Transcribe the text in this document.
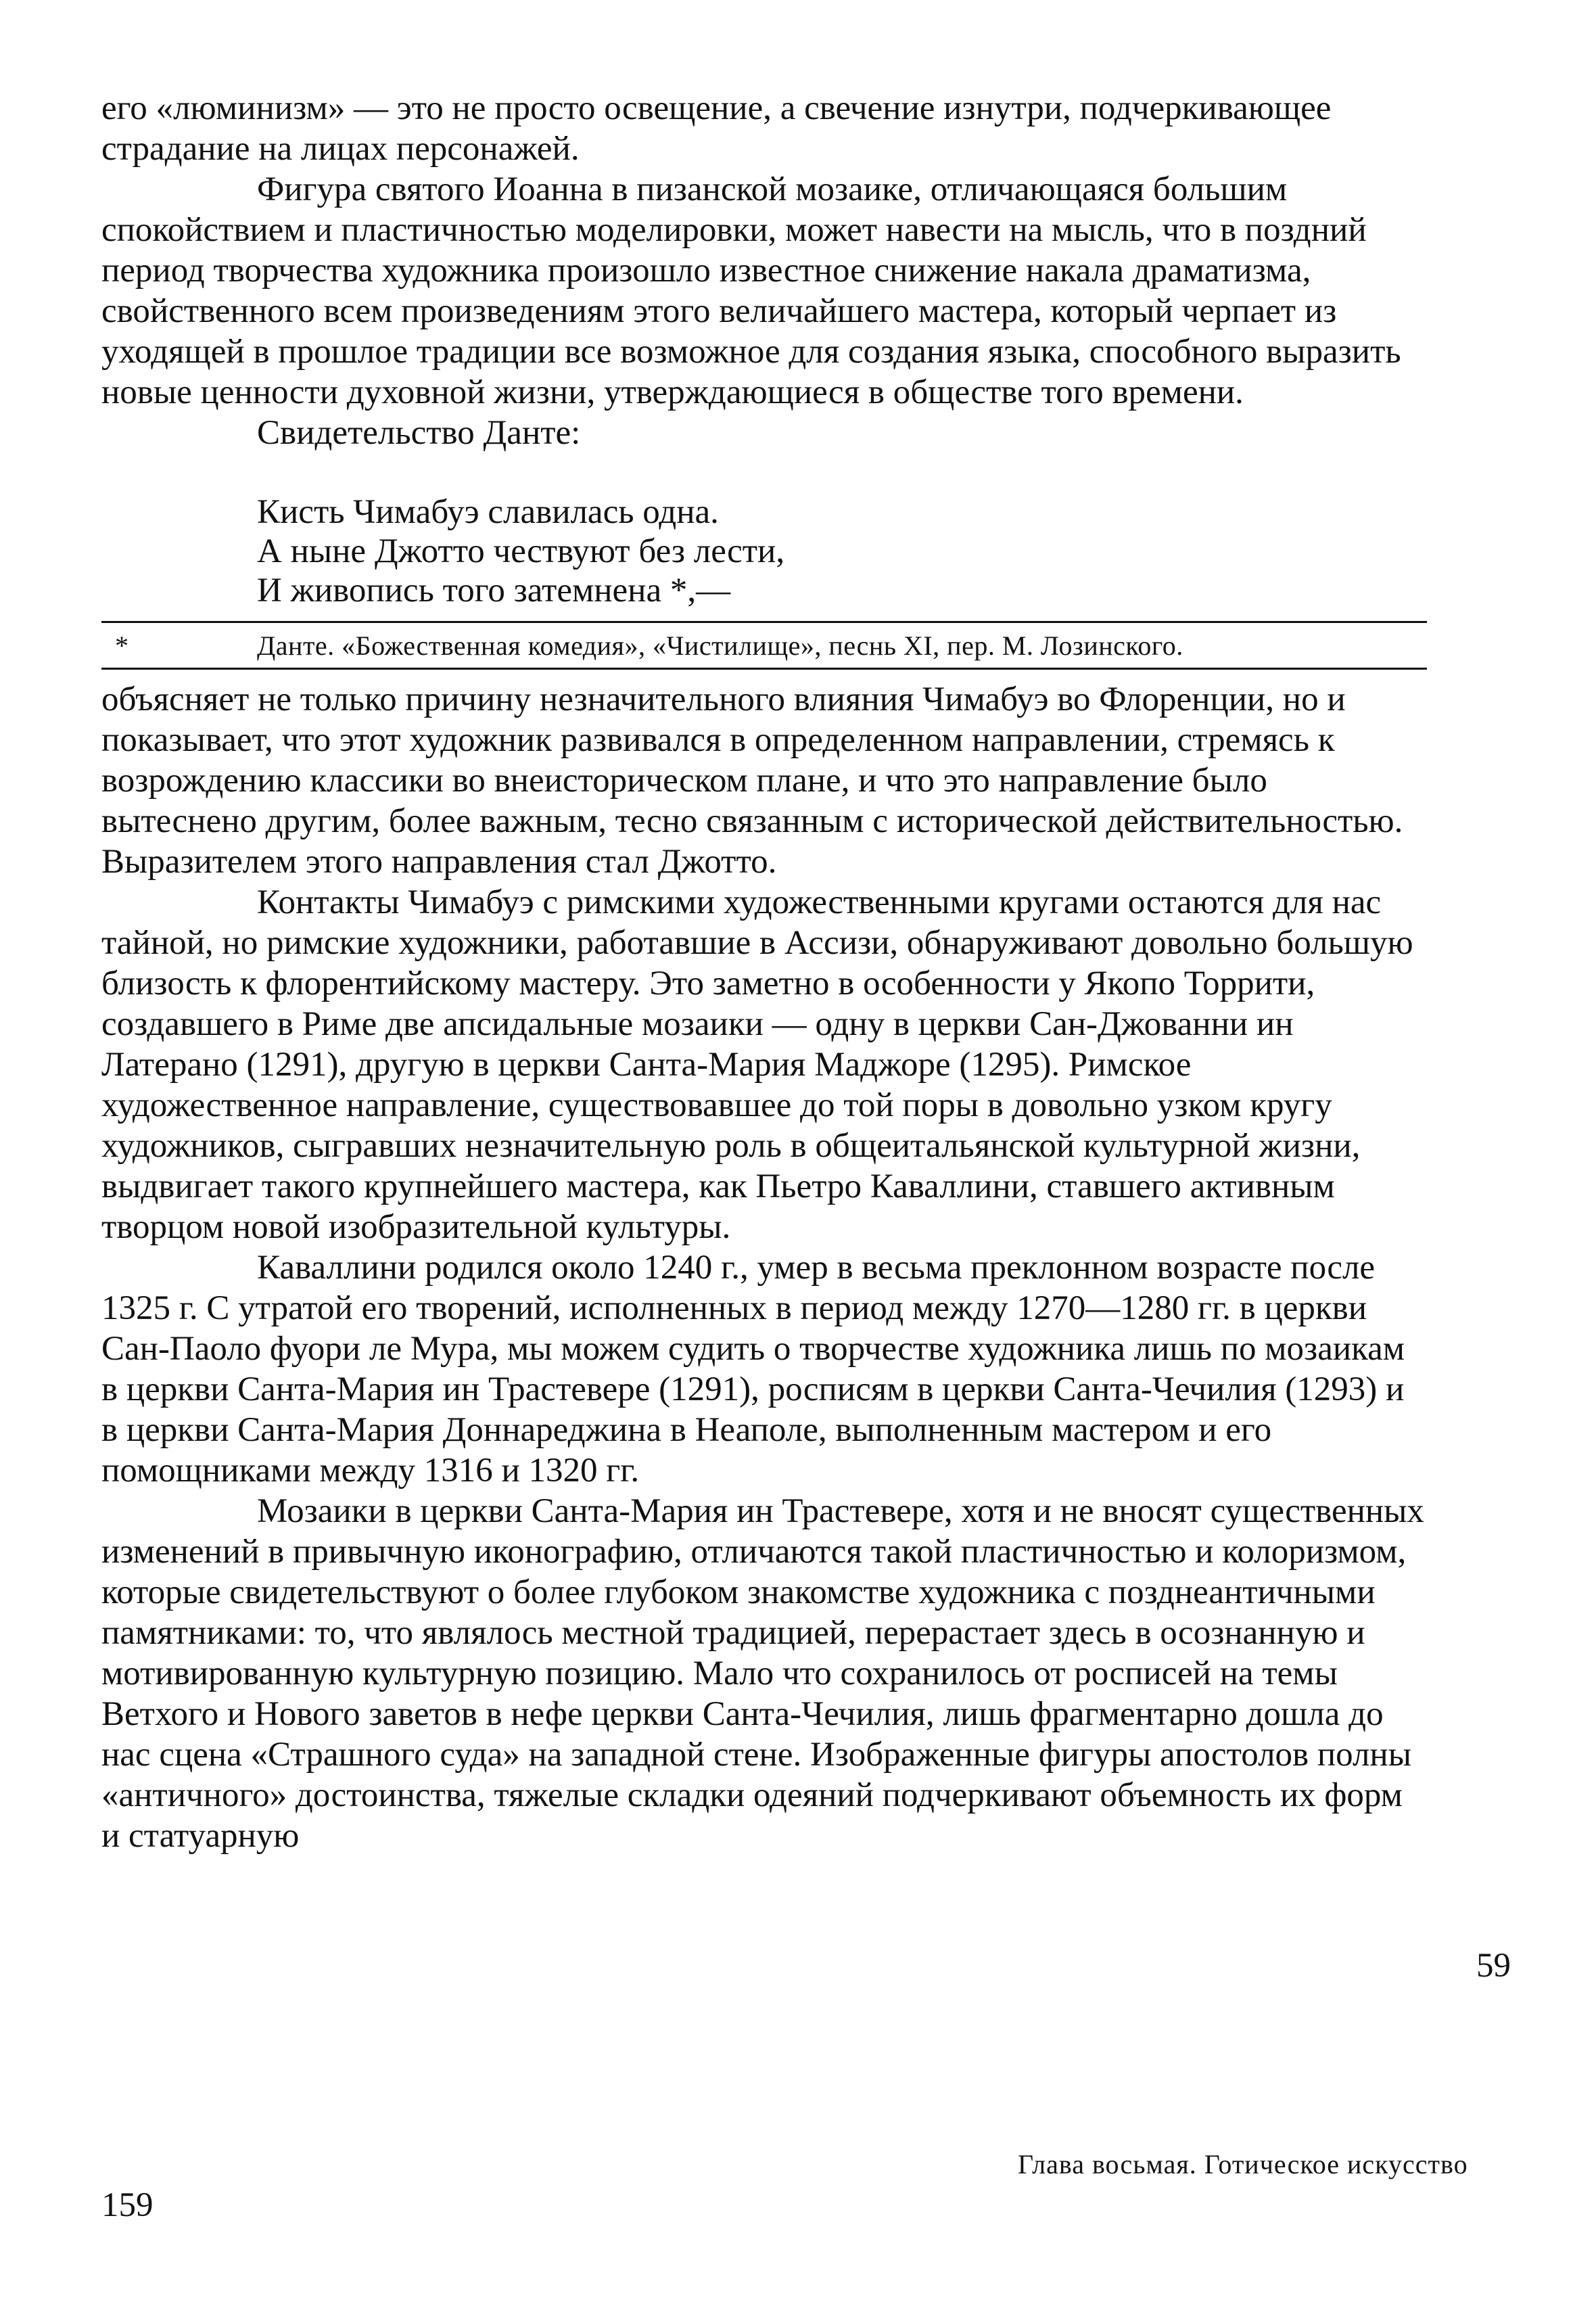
его «люминизм» — это не просто освещение, а свечение изнутри, подчеркивающее страдание на лицах персонажей.

Фигура святого Иоанна в пизанской мозаике, отличающаяся большим спокойствием и пластичностью моделировки, может навести на мысль, что в поздний период творчества художника произошло известное снижение накала драматизма, свойственного всем произведениям этого величайшего мастера, который черпает из уходящей в прошлое традиции все возможное для создания языка, способного выразить новые ценности духовной жизни, утверждающиеся в обществе того времени.

Свидетельство Данте:

Кисть Чимабуэ славилась одна.
А ныне Джотто чествуют без лести,
И живопись того затемнена *,—
*	Данте. «Божественная комедия», «Чистилище», песнь XI, пер. М. Лозинского.

объясняет не только причину незначительного влияния Чимабуэ во Флоренции, но и показывает, что этот художник развивался в определенном направлении, стремясь к возрождению классики во внеисторическом плане, и что это направление было вытеснено другим, более важным, тесно связанным с исторической действительностью. Выразителем этого направления стал Джотто.

Контакты Чимабуэ с римскими художественными кругами остаются для нас тайной, но римские художники, работавшие в Ассизи, обнаруживают довольно большую близость к флорентийскому мастеру. Это заметно в особенности у Якопо Торрити, создавшего в Риме две апсидальные мозаики — одну в церкви Сан-Джованни ин Латерано (1291), другую в церкви Санта-Мария Маджоре (1295). Римское художественное направление, существовавшее до той поры в довольно узком кругу художников, сыгравших незначительную роль в общеитальянской культурной жизни, выдвигает такого крупнейшего мастера, как Пьетро Каваллини, ставшего активным творцом новой изобразительной культуры.

Каваллини родился около 1240 г., умер в весьма преклонном возрасте после 1325 г. С утратой его творений, исполненных в период между 1270—1280 гг. в церкви Сан-Паоло фуори ле Мура, мы можем судить о творчестве художника лишь по мозаикам в церкви Санта-Мария ин Трастевере (1291), росписям в церкви Санта-Чечилия (1293) и в церкви Санта-Мария Доннареджина в Неаполе, выполненным мастером и его помощниками между 1316 и 1320 гг.

Мозаики в церкви Санта-Мария ин Трастевере, хотя и не вносят существенных изменений в привычную иконографию, отличаются такой пластичностью и колоризмом, которые свидетельствуют о более глубоком знакомстве художника с позднеантичными памятниками: то, что являлось местной традицией, перерастает здесь в осознанную и мотивированную культурную позицию. Мало что сохранилось от росписей на темы Ветхого и Нового заветов в нефе церкви Санта-Чечилия, лишь фрагментарно дошла до нас сцена «Страшного суда» на западной стене. Изображенные фигуры апостолов полны «античного» достоинства, тяжелые складки одеяний подчеркивают объемность их форм и статуарную

59
159
Глава восьмая. Готическое искусство
